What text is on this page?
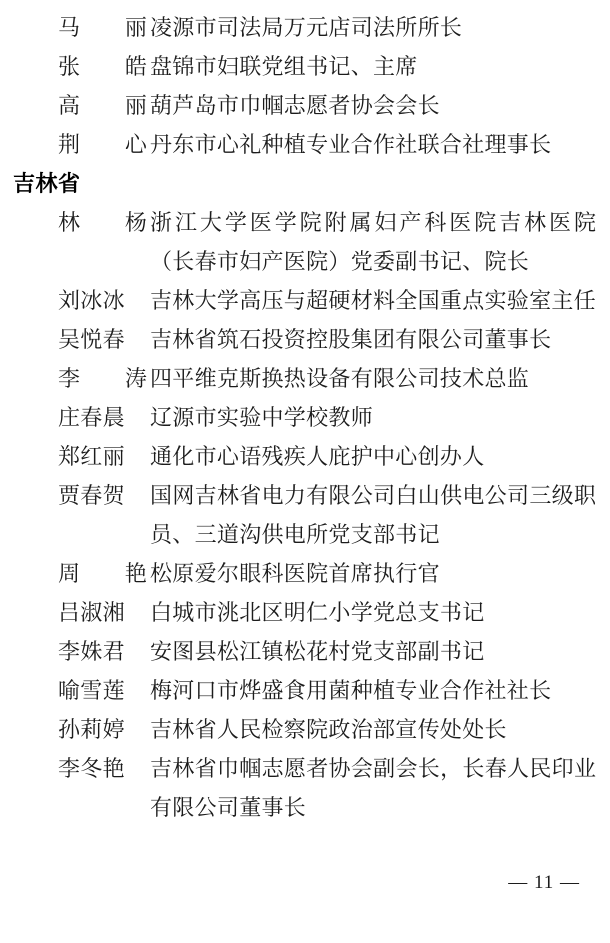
马　　丽 凌源市司法局万元店司法所所长
张　　皓 盘锦市妇联党组书记、主席
高　　丽 葫芦岛市巾帼志愿者协会会长
荆　　心 丹东市心礼种植专业合作社联合社理事长
吉林省
林　　杨 浙江大学医学院附属妇产科医院吉林医院
（长春市妇产医院）党委副书记、院长
刘冰冰	吉林大学高压与超硬材料全国重点实验室主任
吴悦春	吉林省筑石投资控股集团有限公司董事长
李　　涛 四平维克斯换热设备有限公司技术总监
庄春晨	辽源市实验中学校教师
郑红丽	通化市心语残疾人庇护中心创办人
贾春贺	国网吉林省电力有限公司白山供电公司三级职
员、三道沟供电所党支部书记
周　　艳 松原爱尔眼科医院首席执行官
吕淑湘	白城市洮北区明仁小学党总支书记
李姝君	安图县松江镇松花村党支部副书记
喻雪莲	梅河口市烨盛食用菌种植专业合作社社长
孙莉婷	吉林省人民检察院政治部宣传处处长
李冬艳	吉林省巾帼志愿者协会副会长，长春人民印业
有限公司董事长
— 11 —
